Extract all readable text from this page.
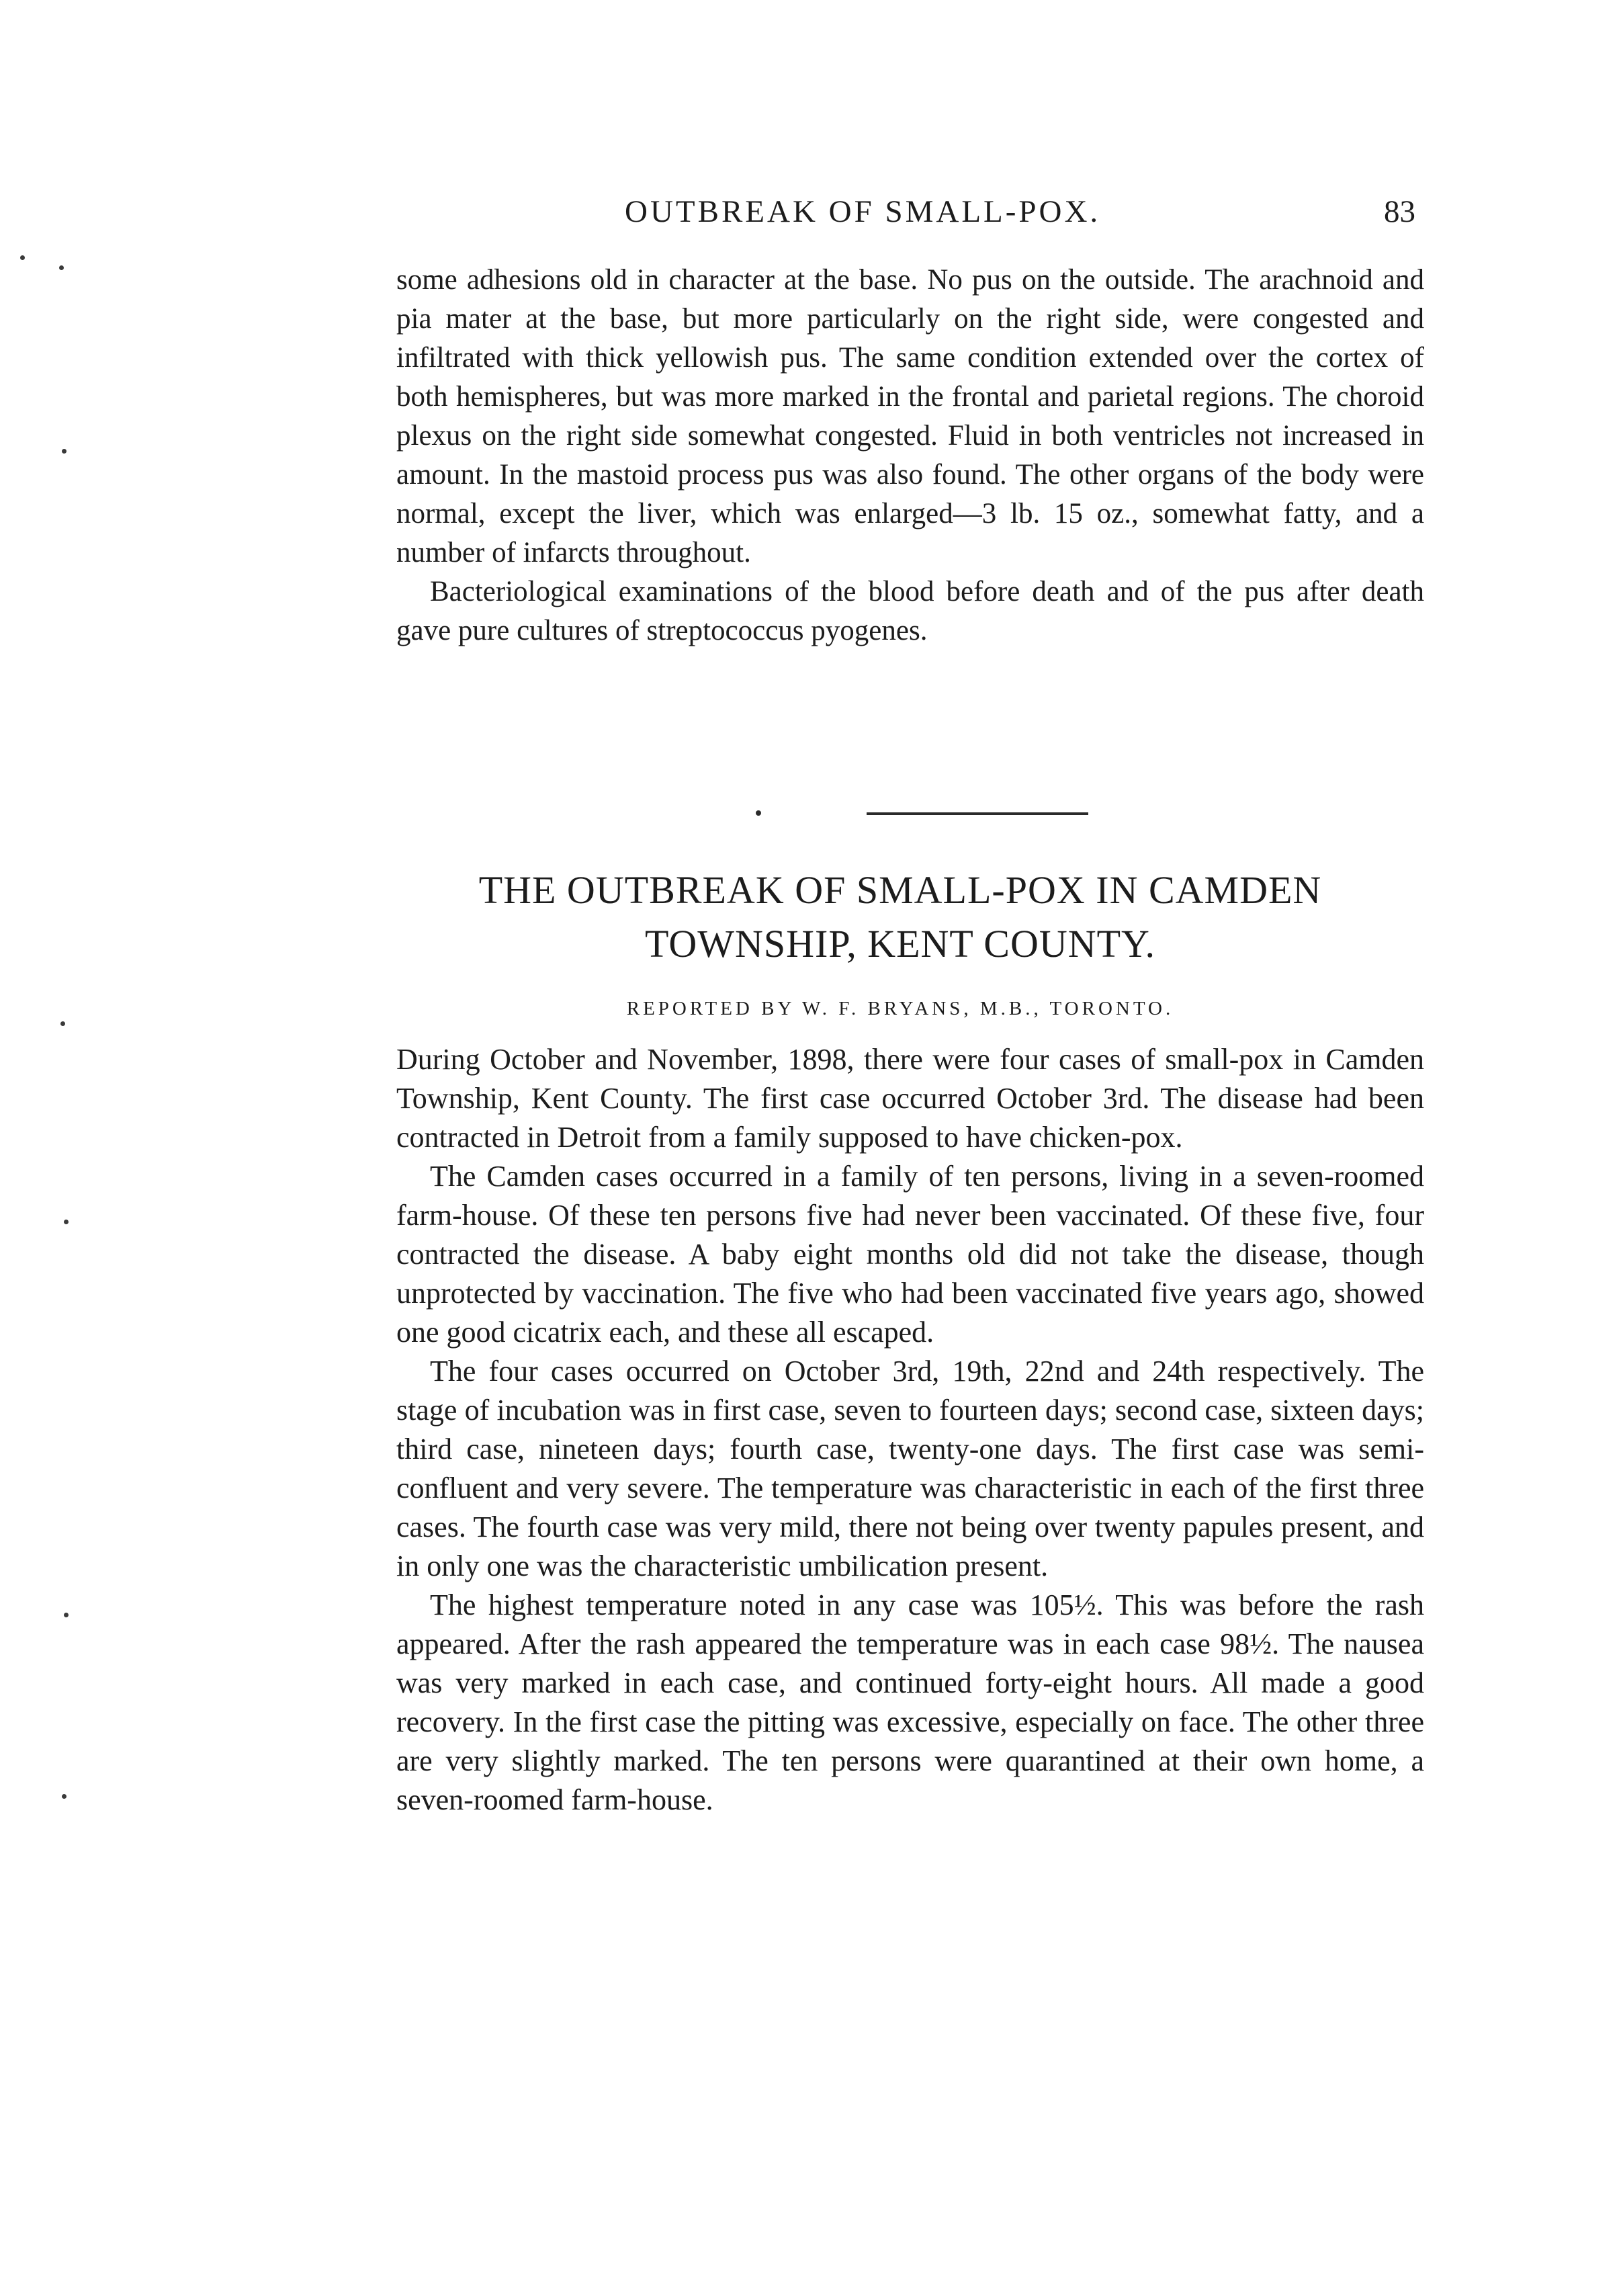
OUTBREAK OF SMALL-POX.	83

some adhesions old in character at the base. No pus on the outside. The arachnoid and pia mater at the base, but more particularly on the right side, were congested and infiltrated with thick yellowish pus. The same condition extended over the cortex of both hemispheres, but was more marked in the frontal and parietal regions. The choroid plexus on the right side somewhat congested. Fluid in both ventricles not increased in amount. In the mastoid process pus was also found. The other organs of the body were normal, except the liver, which was enlarged—3 lb. 15 oz., somewhat fatty, and a number of infarcts throughout.

Bacteriological examinations of the blood before death and of the pus after death gave pure cultures of streptococcus pyogenes.

THE OUTBREAK OF SMALL-POX IN CAMDEN TOWNSHIP, KENT COUNTY.
REPORTED BY W. F. BRYANS, M.B., TORONTO.

During October and November, 1898, there were four cases of small-pox in Camden Township, Kent County. The first case occurred October 3rd. The disease had been contracted in Detroit from a family supposed to have chicken-pox.

The Camden cases occurred in a family of ten persons, living in a seven-roomed farm-house. Of these ten persons five had never been vaccinated. Of these five, four contracted the disease. A baby eight months old did not take the disease, though unprotected by vaccination. The five who had been vaccinated five years ago, showed one good cicatrix each, and these all escaped.

The four cases occurred on October 3rd, 19th, 22nd and 24th respectively. The stage of incubation was in first case, seven to fourteen days; second case, sixteen days; third case, nineteen days; fourth case, twenty-one days. The first case was semi-confluent and very severe. The temperature was characteristic in each of the first three cases. The fourth case was very mild, there not being over twenty papules present, and in only one was the characteristic umbilication present.

The highest temperature noted in any case was 105½. This was before the rash appeared. After the rash appeared the temperature was in each case 98½. The nausea was very marked in each case, and continued forty-eight hours. All made a good recovery. In the first case the pitting was excessive, especially on face. The other three are very slightly marked. The ten persons were quarantined at their own home, a seven-roomed farm-house.
